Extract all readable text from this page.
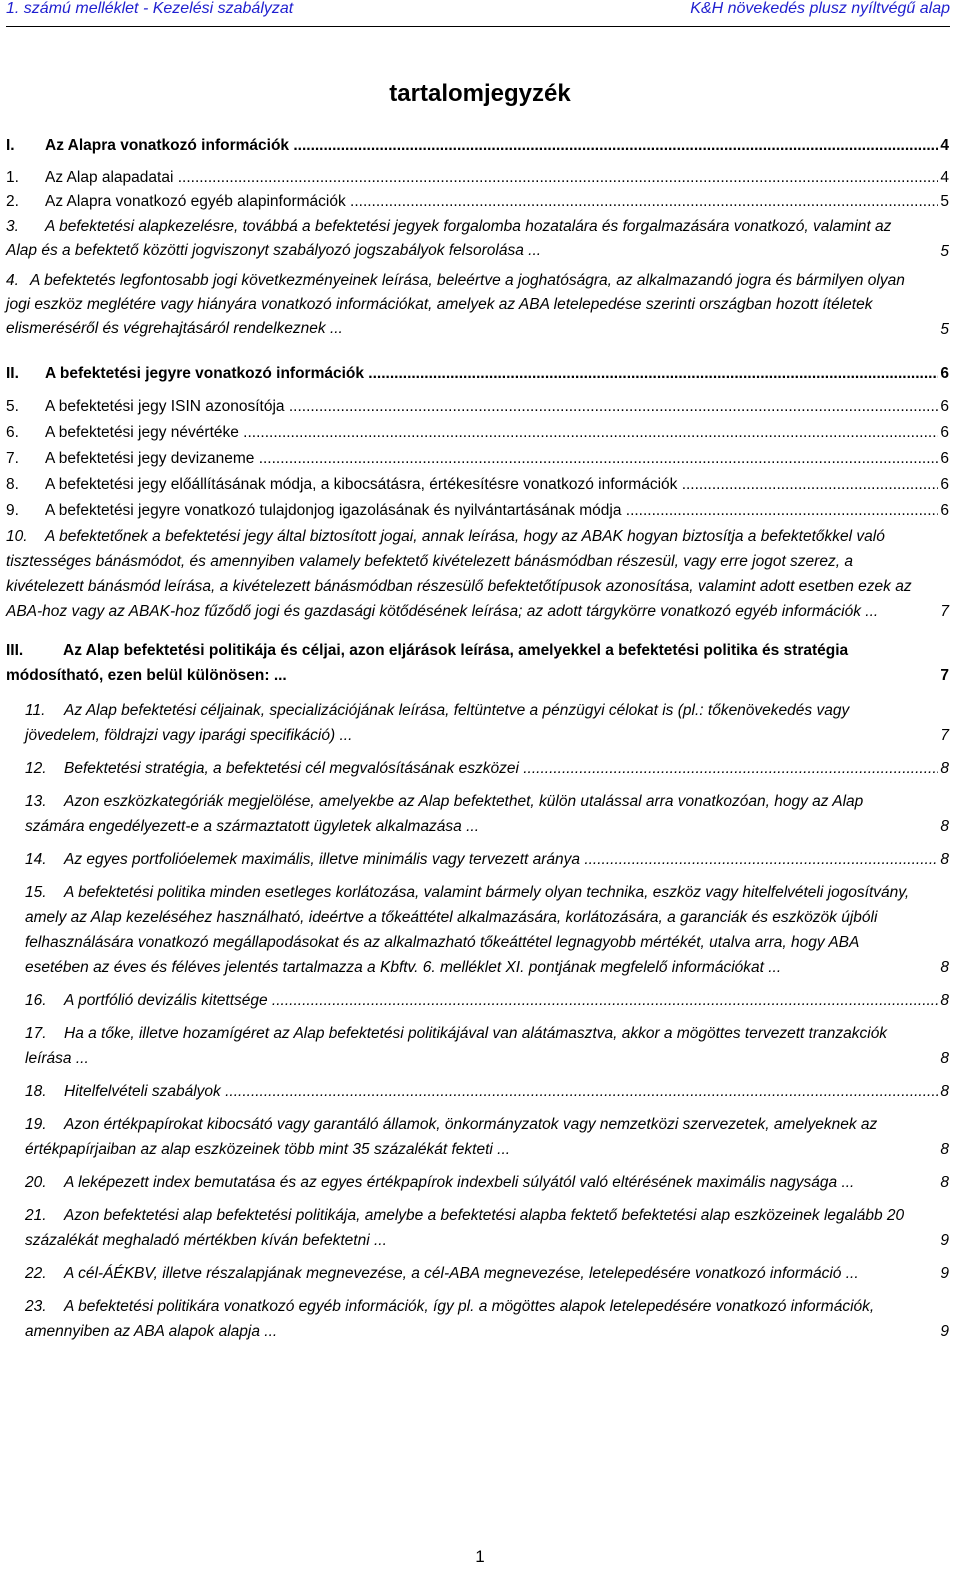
1. számú melléklet - Kezelési szabályzat	K&H növekedés plusz nyíltvégű alap
tartalomjegyzék
I. Az Alapra vonatkozó információk .....	4
1. Az Alap alapadatai .....	4
2. Az Alapra vonatkozó egyéb alapinformációk .....	5
3. A befektetési alapkezelésre, továbbá a befektetési jegyek forgalomba hozatalára és forgalmazására vonatkozó, valamint az Alap és a befektető közötti jogviszonyt szabályozó jogszabályok felsorolása ...	5
4. A befektetés legfontosabb jogi következményeinek leírása, beleértve a joghatóságra, az alkalmazandó jogra és bármilyen olyan jogi eszköz meglétére vagy hiányára vonatkozó információkat, amelyek az ABA letelepedése szerinti országban hozott ítéletek elismeréséről és végrehajtásáról rendelkeznek ...	5
II. A befektetési jegyre vonatkozó információk .....	6
5. A befektetési jegy ISIN azonosítója .....	6
6. A befektetési jegy névértéke .....	6
7. A befektetési jegy devizaneme .....	6
8. A befektetési jegy előállításának módja, a kibocsátásra, értékesítésre vonatkozó információk .....	6
9. A befektetési jegyre vonatkozó tulajdonjog igazolásának és nyilvántartásának módja .....	6
10. A befektetőnek a befektetési jegy által biztosított jogai, annak leírása, hogy az ABAK hogyan biztosítja a befektetőkkel való tisztességes bánásmódot, és amennyiben valamely befektető kivételezett bánásmódban részesül, vagy erre jogot szerez, a kivételezett bánásmód leírása, a kivételezett bánásmódban részesülő befektetőtípusok azonosítása, valamint adott esetben ezek az ABA-hoz vagy az ABAK-hoz fűződő jogi és gazdasági kötődésének leírása; az adott tárgykörre vonatkozó egyéb információk ...	7
III.	Az Alap befektetési politikája és céljai, azon eljárások leírása, amelyekkel a befektetési politika és stratégia módosítható, ezen belül különösen: ...	7
11. Az Alap befektetési céljainak, specializációjának leírása, feltüntetve a pénzügyi célokat is (pl.: tőkenövekedés vagy jövedelem, földrajzi vagy iparági specifikáció) ...	7
12. Befektetési stratégia, a befektetési cél megvalósításának eszközei .....	8
13. Azon eszközkategóriák megjelölése, amelyekbe az Alap befektethet, külön utalással arra vonatkozóan, hogy az Alap számára engedélyezett-e a származtatott ügyletek alkalmazása ...	8
14. Az egyes portfolióelemek maximális, illetve minimális vagy tervezett aránya .....	8
15. A befektetési politika minden esetleges korlátozása, valamint bármely olyan technika, eszköz vagy hitelfelvételi jogosítvány, amely az Alap kezeléséhez használható, ideértve a tőkeáttétel alkalmazására, korlátozására, a garanciák és eszközök újbóli felhasználására vonatkozó megállapodásokat és az alkalmazható tőkeáttétel legnagyobb mértékét, utalva arra, hogy ABA esetében az éves és féléves jelentés tartalmazza a Kbftv. 6. melléklet XI. pontjának megfelelő információkat ...	8
16. A portfólió devizális kitettsége .....	8
17. Ha a tőke, illetve hozamígéret az Alap befektetési politikájával van alátámasztva, akkor a mögöttes tervezett tranzakciók leírása ...	8
18. Hitelfelvételi szabályok .....	8
19. Azon értékpapírokat kibocsátó vagy garantáló államok, önkormányzatok vagy nemzetközi szervezetek, amelyeknek az értékpapírjaiban az alap eszközeinek több mint 35 százalékát fekteti ...	8
20. A leképezett index bemutatása és az egyes értékpapírok indexbeli súlyától való eltérésének maximális nagysága ...	8
21. Azon befektetési alap befektetési politikája, amelybe a befektetési alapba fektető befektetési alap eszközeinek legalább 20 százalékát meghaladó mértékben kíván befektetni ...	9
22. A cél-ÁÉKBV, illetve részalapjának megnevezése, a cél-ABA megnevezése, letelepedésére vonatkozó információ ...	9
23. A befektetési politikára vonatkozó egyéb információk, így pl. a mögöttes alapok letelepedésére vonatkozó információk, amennyiben az ABA alapok alapja ...	9
1
